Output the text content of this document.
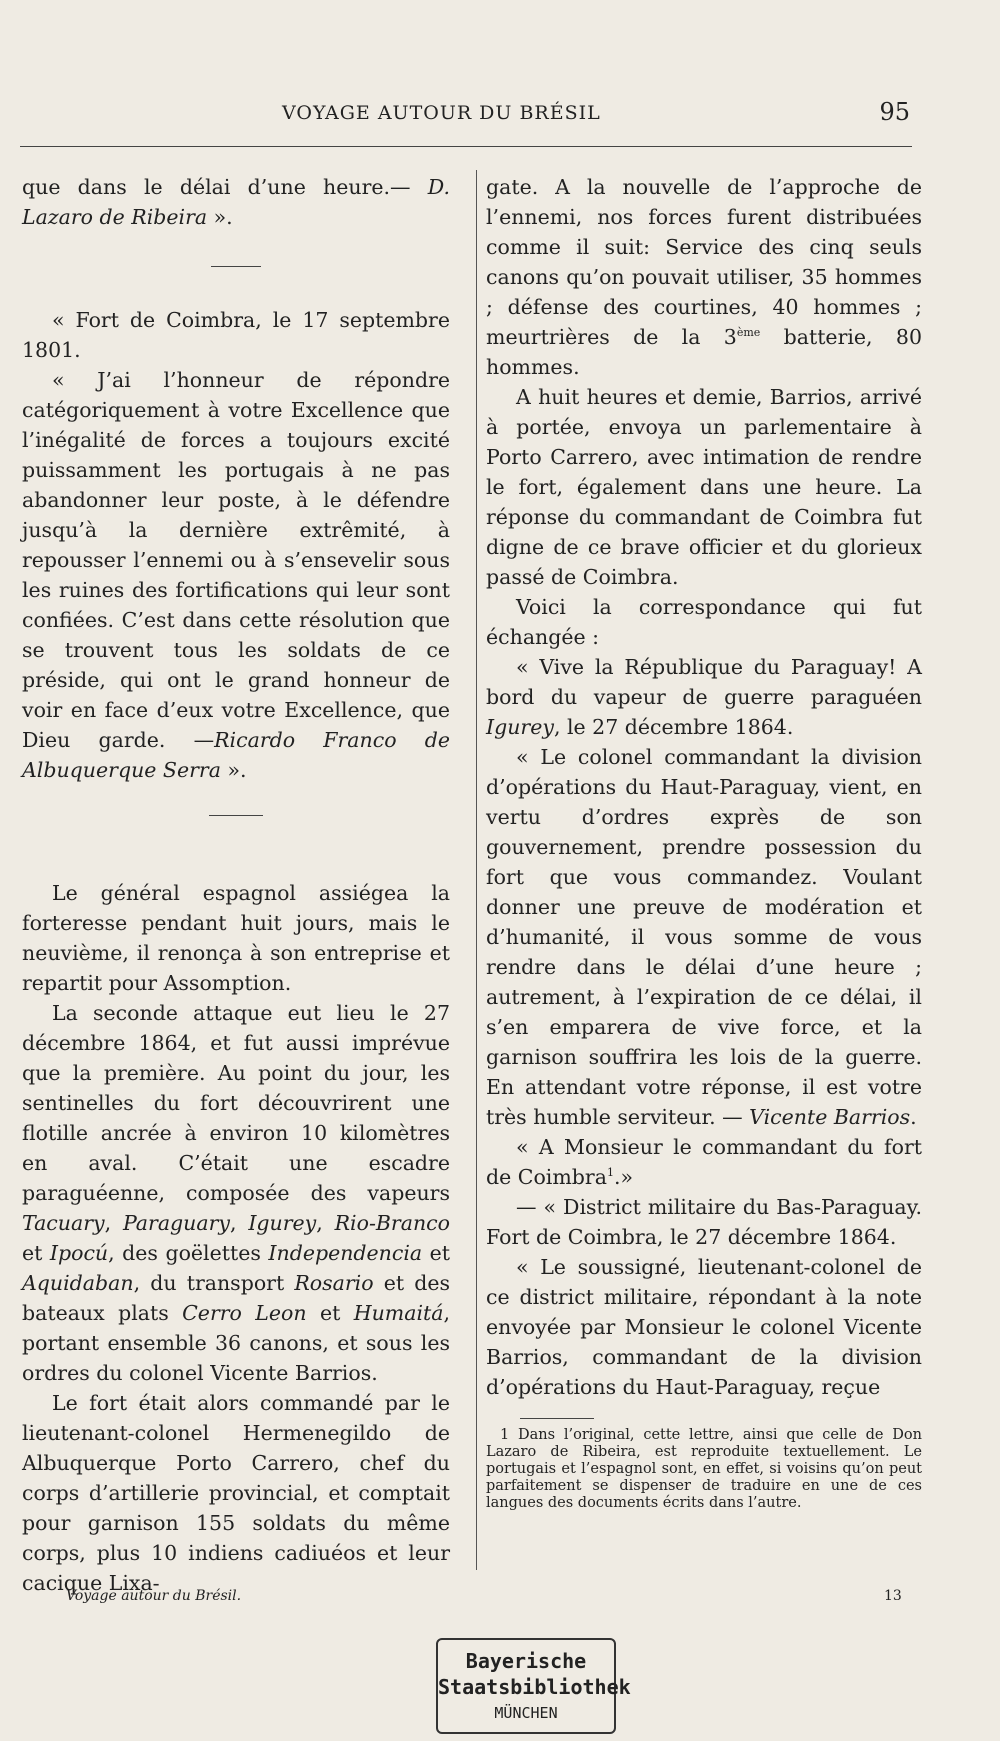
VOYAGE AUTOUR DU BRÉSIL	95

que dans le délai d’une heure.— D. Lazaro de Ribeira ».

« Fort de Coimbra, le 17 septembre 1801.

« J’ai l’honneur de répondre catégoriquement à votre Excellence que l’inégalité de forces a toujours excité puissamment les portugais à ne pas abandonner leur poste, à le défendre jusqu’à la dernière extrêmité, à repousser l’ennemi ou à s’ensevelir sous les ruines des fortifications qui leur sont confiées. C’est dans cette résolution que se trouvent tous les soldats de ce préside, qui ont le grand honneur de voir en face d’eux votre Excellence, que Dieu garde. —Ricardo Franco de Albuquerque Serra ».

Le général espagnol assiégea la forteresse pendant huit jours, mais le neuvième, il renonça à son entreprise et repartit pour Assomption.

La seconde attaque eut lieu le 27 décembre 1864, et fut aussi imprévue que la première. Au point du jour, les sentinelles du fort découvrirent une flotille ancrée à environ 10 kilomètres en aval. C’était une escadre paraguéenne, composée des vapeurs Tacuary, Paraguary, Igurey, Rio-Branco et Ipocú, des goëlettes Independencia et Aquidaban, du transport Rosario et des bateaux plats Cerro Leon et Humaitá, portant ensemble 36 canons, et sous les ordres du colonel Vicente Barrios.

Le fort était alors commandé par le lieutenant-colonel Hermenegildo de Albuquerque Porto Carrero, chef du corps d’artillerie provincial, et comptait pour garnison 155 soldats du même corps, plus 10 indiens cadiuéos et leur cacique Lixa-

gate. A la nouvelle de l’approche de l’ennemi, nos forces furent distribuées comme il suit: Service des cinq seuls canons qu’on pouvait utiliser, 35 hommes ; défense des courtines, 40 hommes ; meurtrières de la 3ème batterie, 80 hommes.

A huit heures et demie, Barrios, arrivé à portée, envoya un parlementaire à Porto Carrero, avec intimation de rendre le fort, également dans une heure. La réponse du commandant de Coimbra fut digne de ce brave officier et du glorieux passé de Coimbra.

Voici la correspondance qui fut échangée :

« Vive la République du Paraguay! A bord du vapeur de guerre paraguéen Igurey, le 27 décembre 1864.

« Le colonel commandant la division d’opérations du Haut-Paraguay, vient, en vertu d’ordres exprès de son gouvernement, prendre possession du fort que vous commandez. Voulant donner une preuve de modération et d’humanité, il vous somme de vous rendre dans le délai d’une heure ; autrement, à l’expiration de ce délai, il s’en emparera de vive force, et la garnison souffrira les lois de la guerre. En attendant votre réponse, il est votre très humble serviteur. — Vicente Barrios.

« A Monsieur le commandant du fort de Coimbra$^1$.»

— « District militaire du Bas-Paraguay. Fort de Coimbra, le 27 décembre 1864.

« Le soussigné, lieutenant-colonel de ce district militaire, répondant à la note envoyée par Monsieur le colonel Vicente Barrios, commandant de la division d’opérations du Haut-Paraguay, reçue

1 Dans l’original, cette lettre, ainsi que celle de Don Lazaro de Ribeira, est reproduite textuellement. Le portugais et l’espagnol sont, en effet, si voisins qu’on peut parfaitement se dispenser de traduire en une de ces langues des documents écrits dans l’autre.

Voyage autour du Brésil.	13
Bayerische
Staatsbibliothek
MÜNCHEN
